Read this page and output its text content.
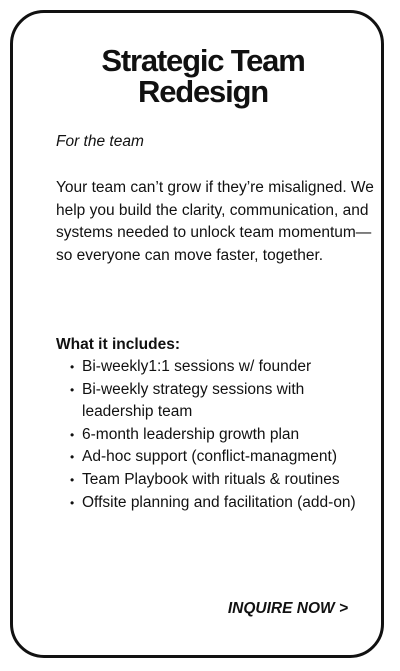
Strategic Team Redesign
For the team

Your team can’t grow if they’re misaligned. We help you build the clarity, communication, and systems needed to unlock team momentum—so everyone can move faster, together.

What it includes:
• Bi-weekly1:1 sessions w/ founder
• Bi-weekly strategy sessions with leadership team
• 6-month leadership growth plan
• Ad-hoc support (conflict-managment)
• Team Playbook with rituals & routines
• Offsite planning and facilitation (add-on)
INQUIRE NOW >
